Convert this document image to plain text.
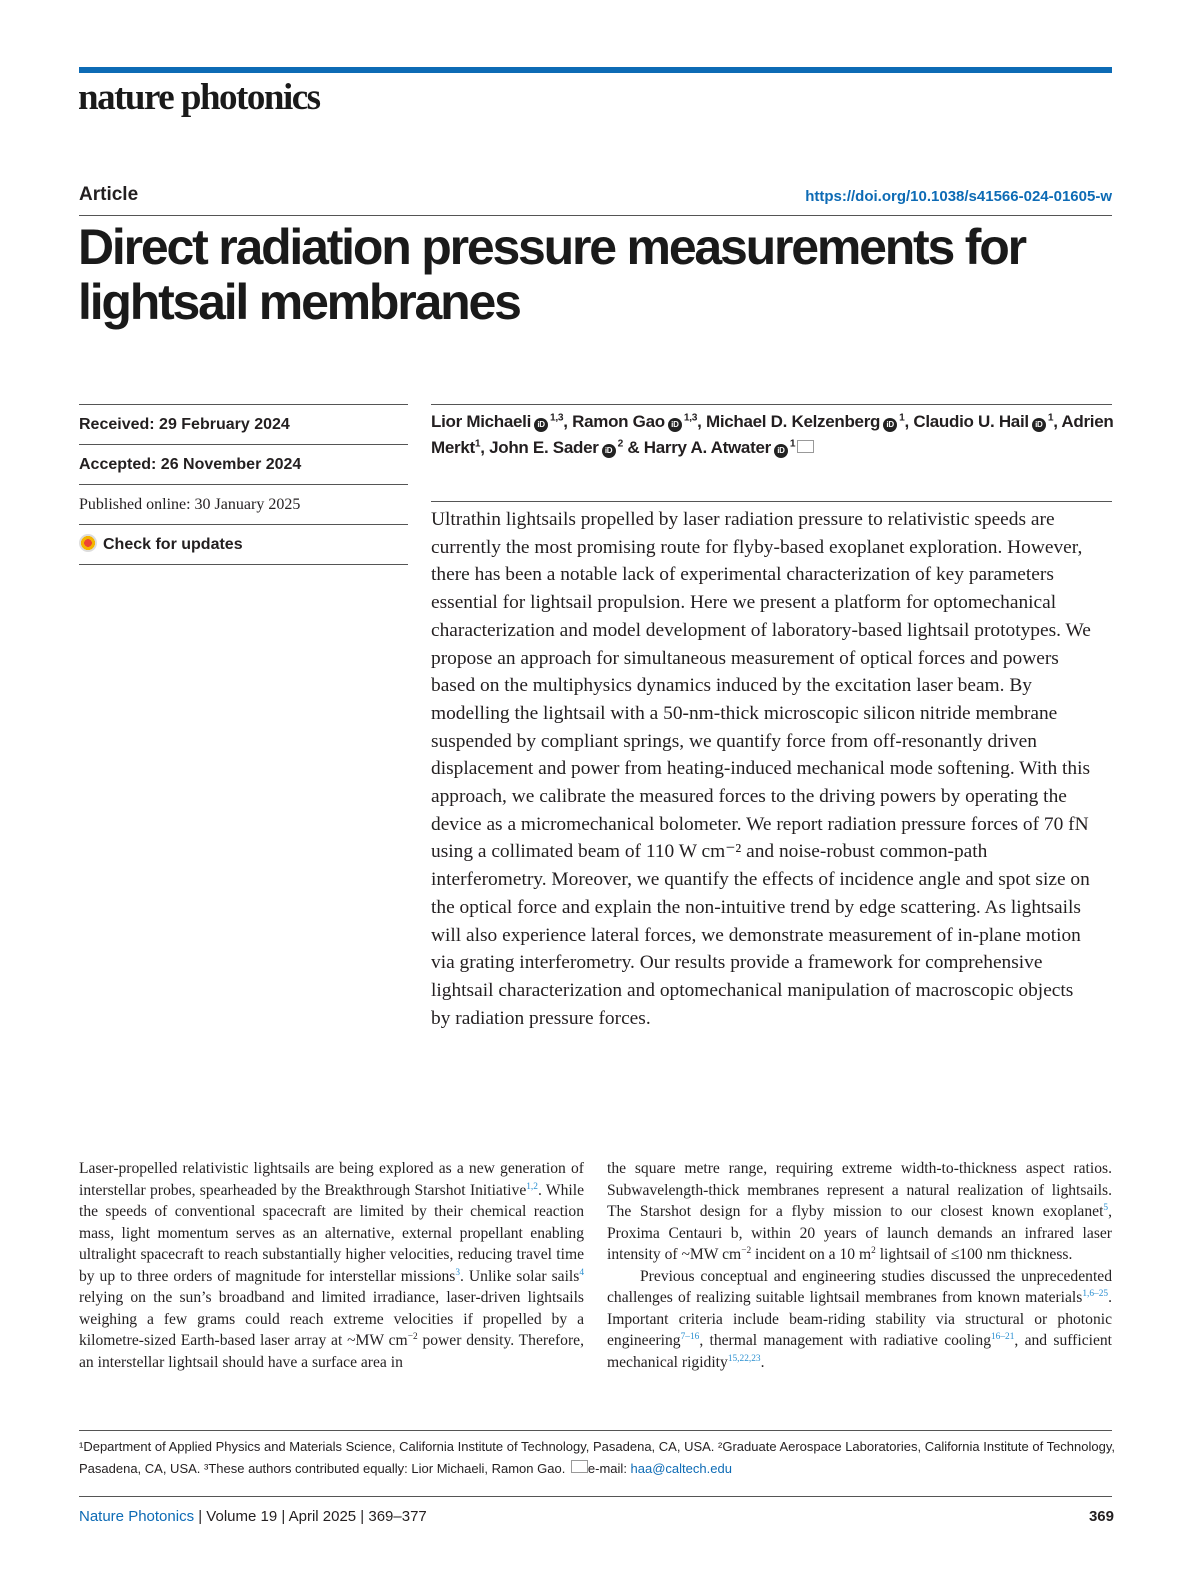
nature photonics
Article	https://doi.org/10.1038/s41566-024-01605-w
Direct radiation pressure measurements for lightsail membranes
Received: 29 February 2024
Accepted: 26 November 2024
Published online: 30 January 2025
Check for updates
Lior Michaeli iD$^{1,3}$, Ramon Gao iD$^{1,3}$, Michael D. Kelzenberg $iD^1$, Claudio U. Hail $iD^1$, Adrien Merkt$^1$, John E. Sader $iD^2$ & Harry A. Atwater $iD^1$
Ultrathin lightsails propelled by laser radiation pressure to relativistic speeds are currently the most promising route for flyby-based exoplanet exploration. However, there has been a notable lack of experimental characterization of key parameters essential for lightsail propulsion. Here we present a platform for optomechanical characterization and model development of laboratory-based lightsail prototypes. We propose an approach for simultaneous measurement of optical forces and powers based on the multiphysics dynamics induced by the excitation laser beam. By modelling the lightsail with a 50-nm-thick microscopic silicon nitride membrane suspended by compliant springs, we quantify force from off-resonantly driven displacement and power from heating-induced mechanical mode softening. With this approach, we calibrate the measured forces to the driving powers by operating the device as a micromechanical bolometer. We report radiation pressure forces of 70 fN using a collimated beam of 110 W cm⁻² and noise-robust common-path interferometry. Moreover, we quantify the effects of incidence angle and spot size on the optical force and explain the non-intuitive trend by edge scattering. As lightsails will also experience lateral forces, we demonstrate measurement of in-plane motion via grating interferometry. Our results provide a framework for comprehensive lightsail characterization and optomechanical manipulation of macroscopic objects by radiation pressure forces.

Laser-propelled relativistic lightsails are being explored as a new generation of interstellar probes, spearheaded by the Breakthrough Starshot Initiative$^{1,2}$. While the speeds of conventional spacecraft are limited by their chemical reaction mass, light momentum serves as an alternative, external propellant enabling ultralight spacecraft to reach substantially higher velocities, reducing travel time by up to three orders of magnitude for interstellar missions$^3$. Unlike solar sails$^4$ relying on the sun’s broadband and limited irradiance, laser-driven lightsails weighing a few grams could reach extreme velocities if propelled by a kilometre-sized Earth-based laser array at ~MW $cm^{-2}$ power density. Therefore, an interstellar lightsail should have a surface area in

the square metre range, requiring extreme width-to-thickness aspect ratios. Subwavelength-thick membranes represent a natural realization of lightsails. The Starshot design for a flyby mission to our closest known exoplanet$^5$, Proxima Centauri b, within 20 years of launch demands an infrared laser intensity of ~MW $cm^{-2}$ incident on a 10 $m^2$ lightsail of ≤100 nm thickness.

Previous conceptual and engineering studies discussed the unprecedented challenges of realizing suitable lightsail membranes from known materials$^{1,6-25}$. Important criteria include beam-riding stability via structural or photonic engineering$^{7-16}$, thermal management with radiative cooling$^{16-21}$, and sufficient mechanical rigidity$^{15,22,23}$.

¹Department of Applied Physics and Materials Science, California Institute of Technology, Pasadena, CA, USA. ²Graduate Aerospace Laboratories, California Institute of Technology, Pasadena, CA, USA. ³These authors contributed equally: Lior Michaeli, Ramon Gao. e-mail: haa@caltech.edu
Nature Photonics | Volume 19 | April 2025 | 369–377	369
